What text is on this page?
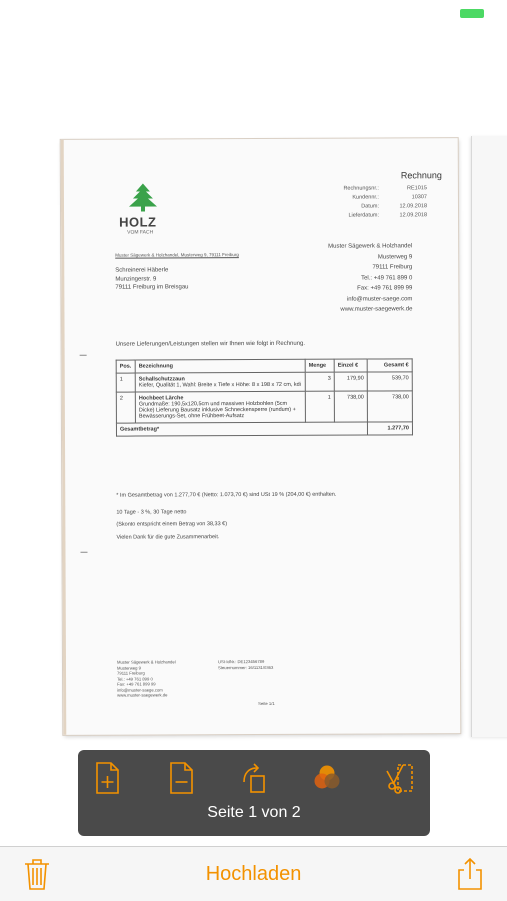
Rechnung
Rechnungsnr.:	RE1015
Kundennr.:	10307
Datum:	12.09.2018
Lieferdatum:	12.09.2018
HOLZ
VOM FACH
Muster Sägewerk & Holzhandel, Musterweg 9, 79111 Freiburg
Schreinerei Häberle
Munzingerstr. 9
79111 Freiburg im Breisgau
Muster Sägewerk & Holzhandel
Musterweg 9
79111 Freiburg
Tel.: +49 761 899 0
Fax: +49 761 899 99
info@muster-saege.com
www.muster-saegewerk.de
Unsere Lieferungen/Leistungen stellen wir Ihnen wie folgt in Rechnung.
Pos.	Bezeichnung	Menge	Einzel €	Gesamt €
1	Schallschutzzaun
Kiefer, Qualität 1, Wahl: Breite x Tiefe x Höhe: 8 x 198 x 72 cm, kdi	3	179,90	539,70
2	Hochbeet Lärche
Grundmaße: 190,5x120,5cm und massiven Holzbohlen (5cm Dicke) Lieferung Bausatz inklusive Schneckensperre (rundum) + Bewässerungs-Set, ohne Frühbeet-Aufsatz	1	738,00	738,00
Gesamtbetrag*				1.277,70
* Im Gesamtbetrag von 1.277,70 € (Netto: 1.073,70 €) sind USt 19 % (204,00 €) enthalten.
10 Tage - 3 %, 30 Tage netto
(Skonto entspricht einem Betrag von 38,33 €)
Vielen Dank für die gute Zusammenarbeit.
Muster Sägewerk & Holzhandel
Musterweg 9
79111 Freiburg
Tel.: +49 761 899 0
Fax: +49 761 899 99
info@muster-saege.com
www.muster-saegewerk.de
USt-IdNr.: DE123456789
Steuernummer: 16/1131/0363
Seite 1/1
Seite 1 von 2
Hochladen
